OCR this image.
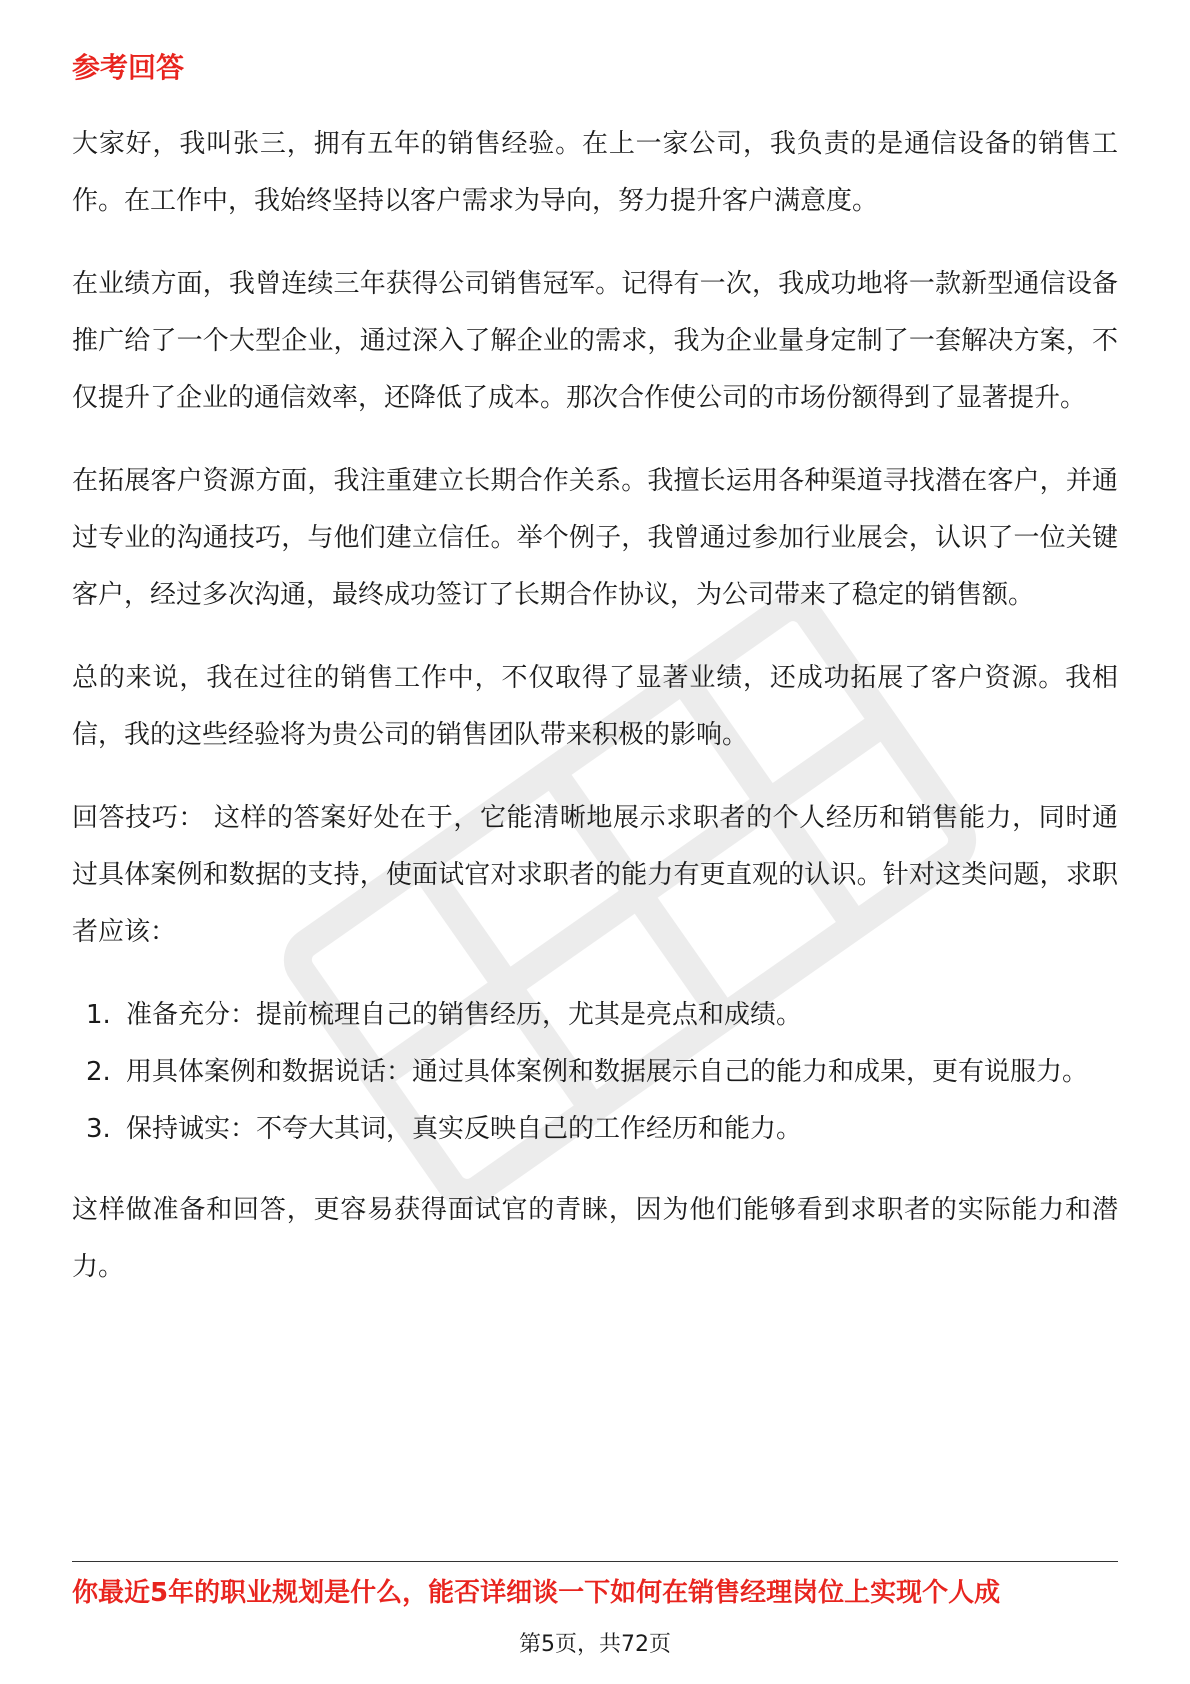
参考回答

大家好，我叫张三，拥有五年的销售经验。在上一家公司，我负责的是通信设备的销售工作。在工作中，我始终坚持以客户需求为导向，努力提升客户满意度。

在业绩方面，我曾连续三年获得公司销售冠军。记得有一次，我成功地将一款新型通信设备推广给了一个大型企业，通过深入了解企业的需求，我为企业量身定制了一套解决方案，不仅提升了企业的通信效率，还降低了成本。那次合作使公司的市场份额得到了显著提升。

在拓展客户资源方面，我注重建立长期合作关系。我擅长运用各种渠道寻找潜在客户，并通过专业的沟通技巧，与他们建立信任。举个例子，我曾通过参加行业展会，认识了一位关键客户，经过多次沟通，最终成功签订了长期合作协议，为公司带来了稳定的销售额。

总的来说，我在过往的销售工作中，不仅取得了显著业绩，还成功拓展了客户资源。我相信，我的这些经验将为贵公司的销售团队带来积极的影响。

回答技巧： 这样的答案好处在于，它能清晰地展示求职者的个人经历和销售能力，同时通过具体案例和数据的支持，使面试官对求职者的能力有更直观的认识。针对这类问题，求职者应该：

1. 准备充分：提前梳理自己的销售经历，尤其是亮点和成绩。
2. 用具体案例和数据说话：通过具体案例和数据展示自己的能力和成果，更有说服力。
3. 保持诚实：不夸大其词，真实反映自己的工作经历和能力。

这样做准备和回答，更容易获得面试官的青睐，因为他们能够看到求职者的实际能力和潜力。

你最近5年的职业规划是什么，能否详细谈一下如何在销售经理岗位上实现个人成
第5页，共72页
